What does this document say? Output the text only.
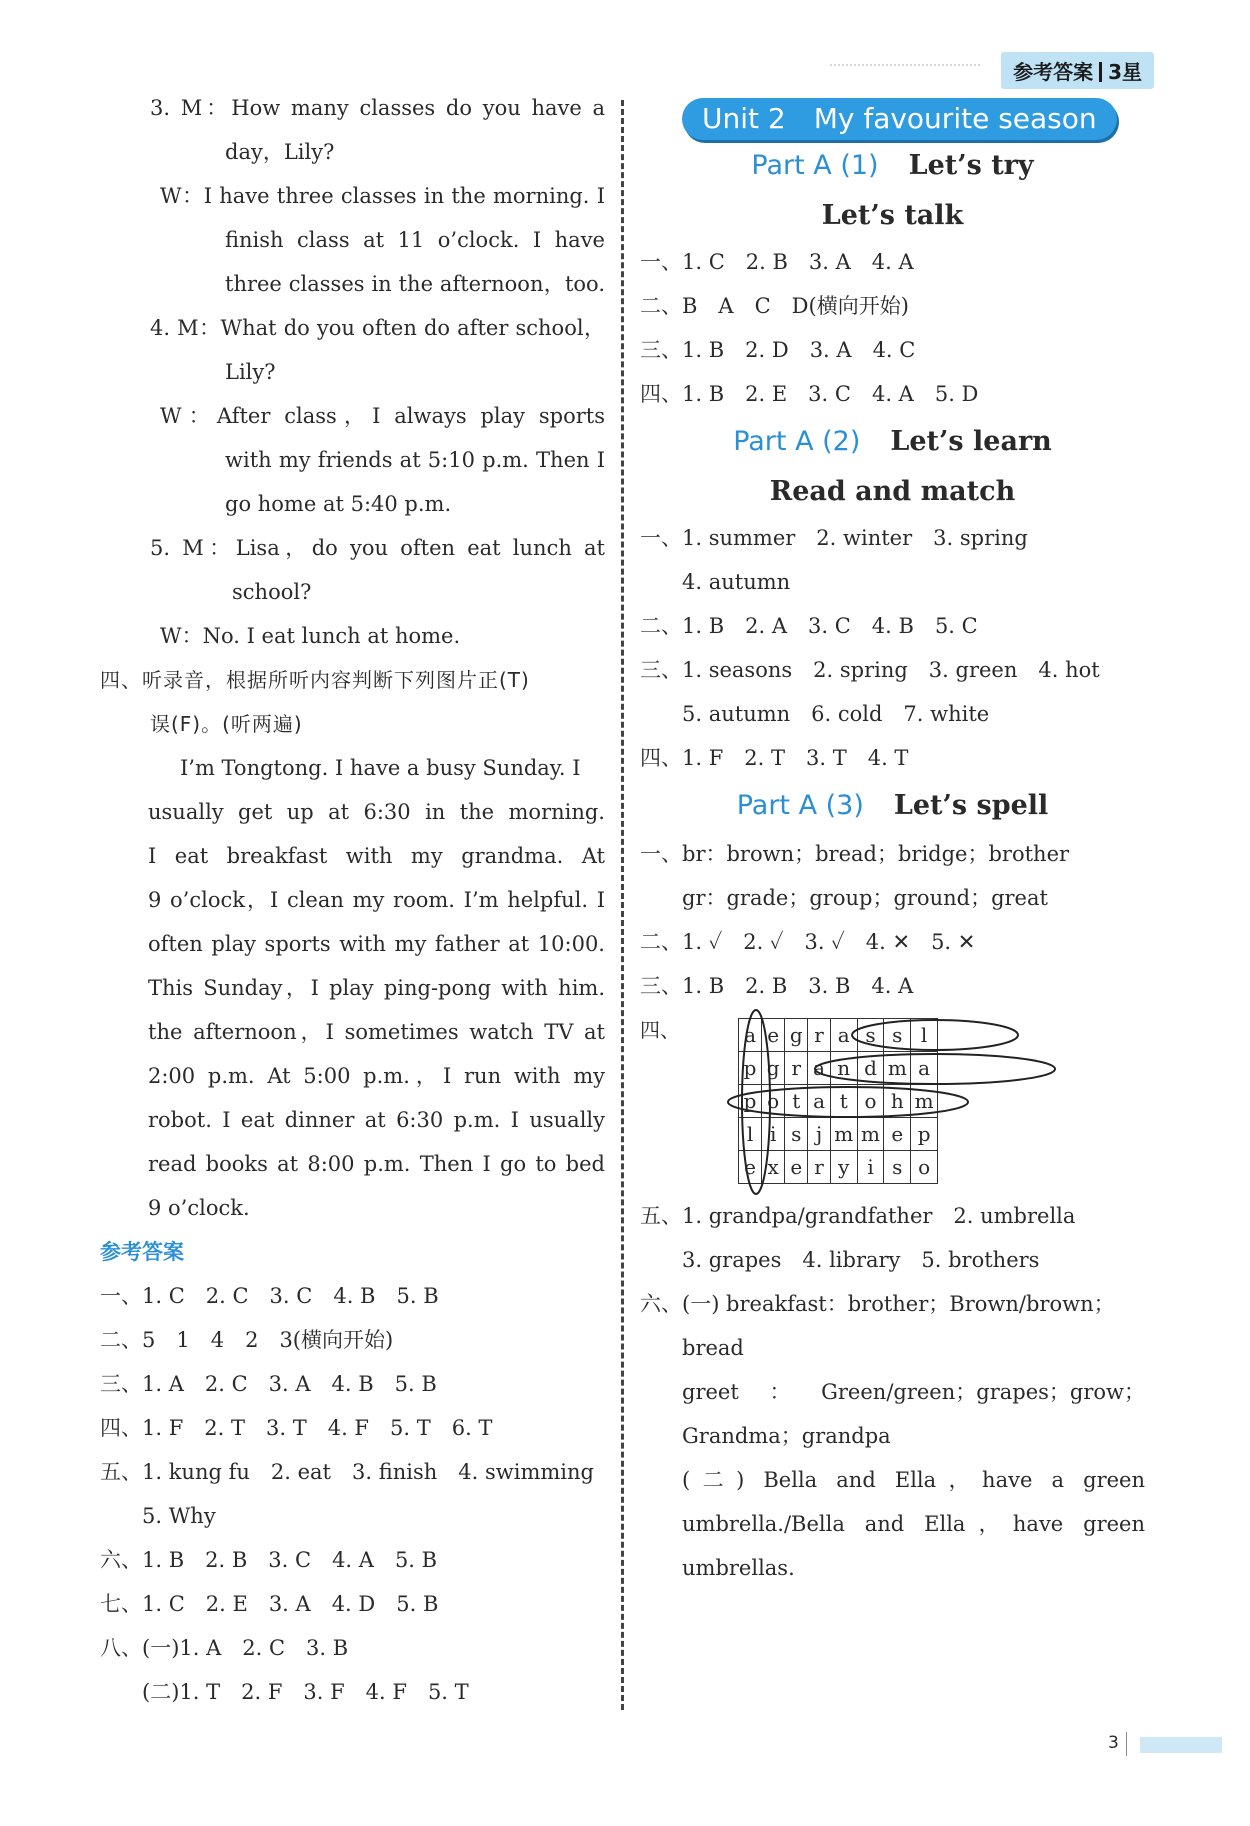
参考答案 3星
3. M：How many classes do you have a
day，Lily?
W：I have three classes in the morning. I
finish class at 11 o’clock. I have
three classes in the afternoon，too.
4. M：What do you often do after school，
Lily?
W：After class，I always play sports
with my friends at 5:10 p.m. Then I
go home at 5:40 p.m.
5. M：Lisa，do you often eat lunch at
school?
W：No. I eat lunch at home.
四、听录音，根据所听内容判断下列图片正(T)
误(F)。(听两遍)
I’m Tongtong. I have a busy Sunday. I
usually get up at 6:30 in the morning.
I eat breakfast with my grandma. At
9 o’clock，I clean my room. I’m helpful. I
often play sports with my father at 10:00.
This Sunday，I play ping-pong with him.
the afternoon，I sometimes watch TV at
2:00 p.m. At 5:00 p.m.，I run with my
robot. I eat dinner at 6:30 p.m. I usually
read books at 8:00 p.m. Then I go to bed
9 o’clock.
参考答案
一、1. C　2. C　3. C　4. B　5. B
二、5　1　4　2　3(横向开始)
三、1. A　2. C　3. A　4. B　5. B
四、1. F　2. T　3. T　4. F　5. T　6. T
五、1. kung fu　2. eat　3. finish　4. swimming
5. Why
六、1. B　2. B　3. C　4. A　5. B
七、1. C　2. E　3. A　4. D　5. B
八、(一)1. A　2. C　3. B
(二)1. T　2. F　3. F　4. F　5. T
Unit 2　My favourite season
Part A (1) Let’s try
Let’s talk
一、1. C　2. B　3. A　4. A
二、B　A　C　D(横向开始)
三、1. B　2. D　3. A　4. C
四、1. B　2. E　3. C　4. A　5. D
Part A (2) Let’s learn
Read and match
一、1. summer　2. winter　3. spring
4. autumn
二、1. B　2. A　3. C　4. B　5. C
三、1. seasons　2. spring　3. green　4. hot
5. autumn　6. cold　7. white
四、1. F　2. T　3. T　4. T
Part A (3) Let’s spell
一、br：brown；bread；bridge；brother
gr：grade；group；ground；great
二、1. ✓　2. ✓　3. ✓　4. ✕　5. ✕
三、1. B　2. B　3. B　4. A
四、	a	e	g	r	a	s	s	l
p	g	r	a	n	d	m	a
p	o	t	a	t	o	h	m
l	i	s	j	m	m	e	p
e	x	e	r	y	i	s	o
五、1. grandpa/grandfather　2. umbrella
3. grapes　4. library　5. brothers
六、(一) breakfast：brother；Brown/brown；
bread
greet：Green/green；grapes；grow；
Grandma；grandpa
(二) Bella and Ella，have a green
umbrella./Bella and Ella，have green
umbrellas.
3
